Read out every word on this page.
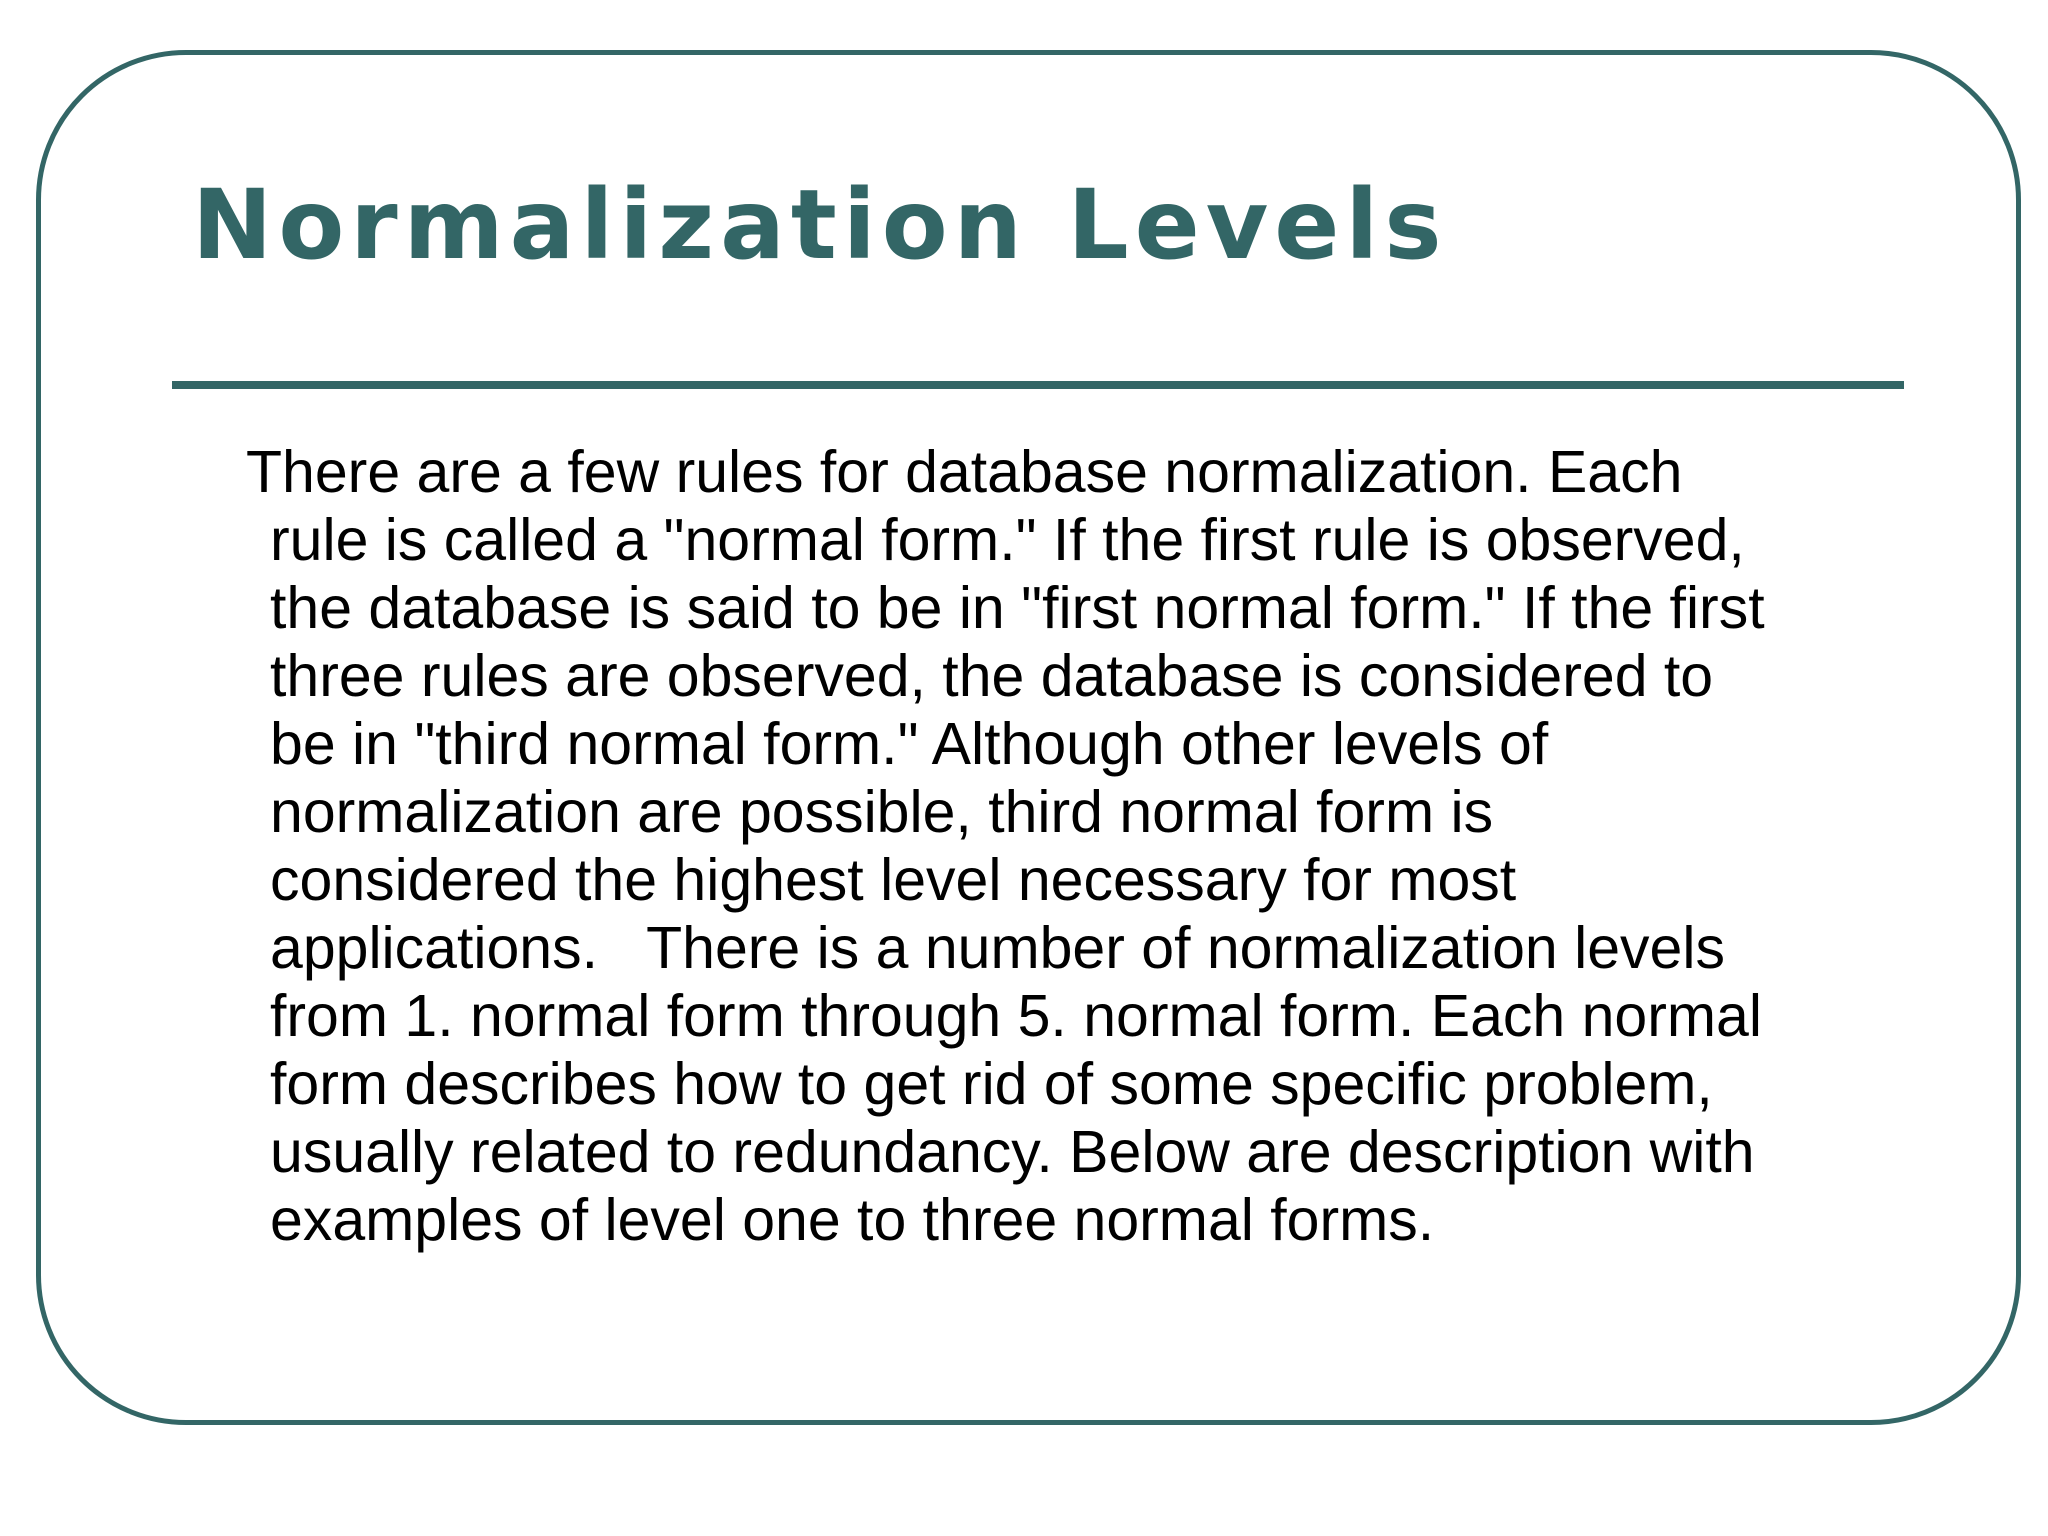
Normalization Levels

There are a few rules for database normalization. Each
rule is called a "normal form." If the first rule is observed,
the database is said to be in "first normal form." If the first
three rules are observed, the database is considered to
be in "third normal form." Although other levels of
normalization are possible, third normal form is
considered the highest level necessary for most
applications.   There is a number of normalization levels
from 1. normal form through 5. normal form. Each normal
form describes how to get rid of some specific problem,
usually related to redundancy. Below are description with
examples of level one to three normal forms.
